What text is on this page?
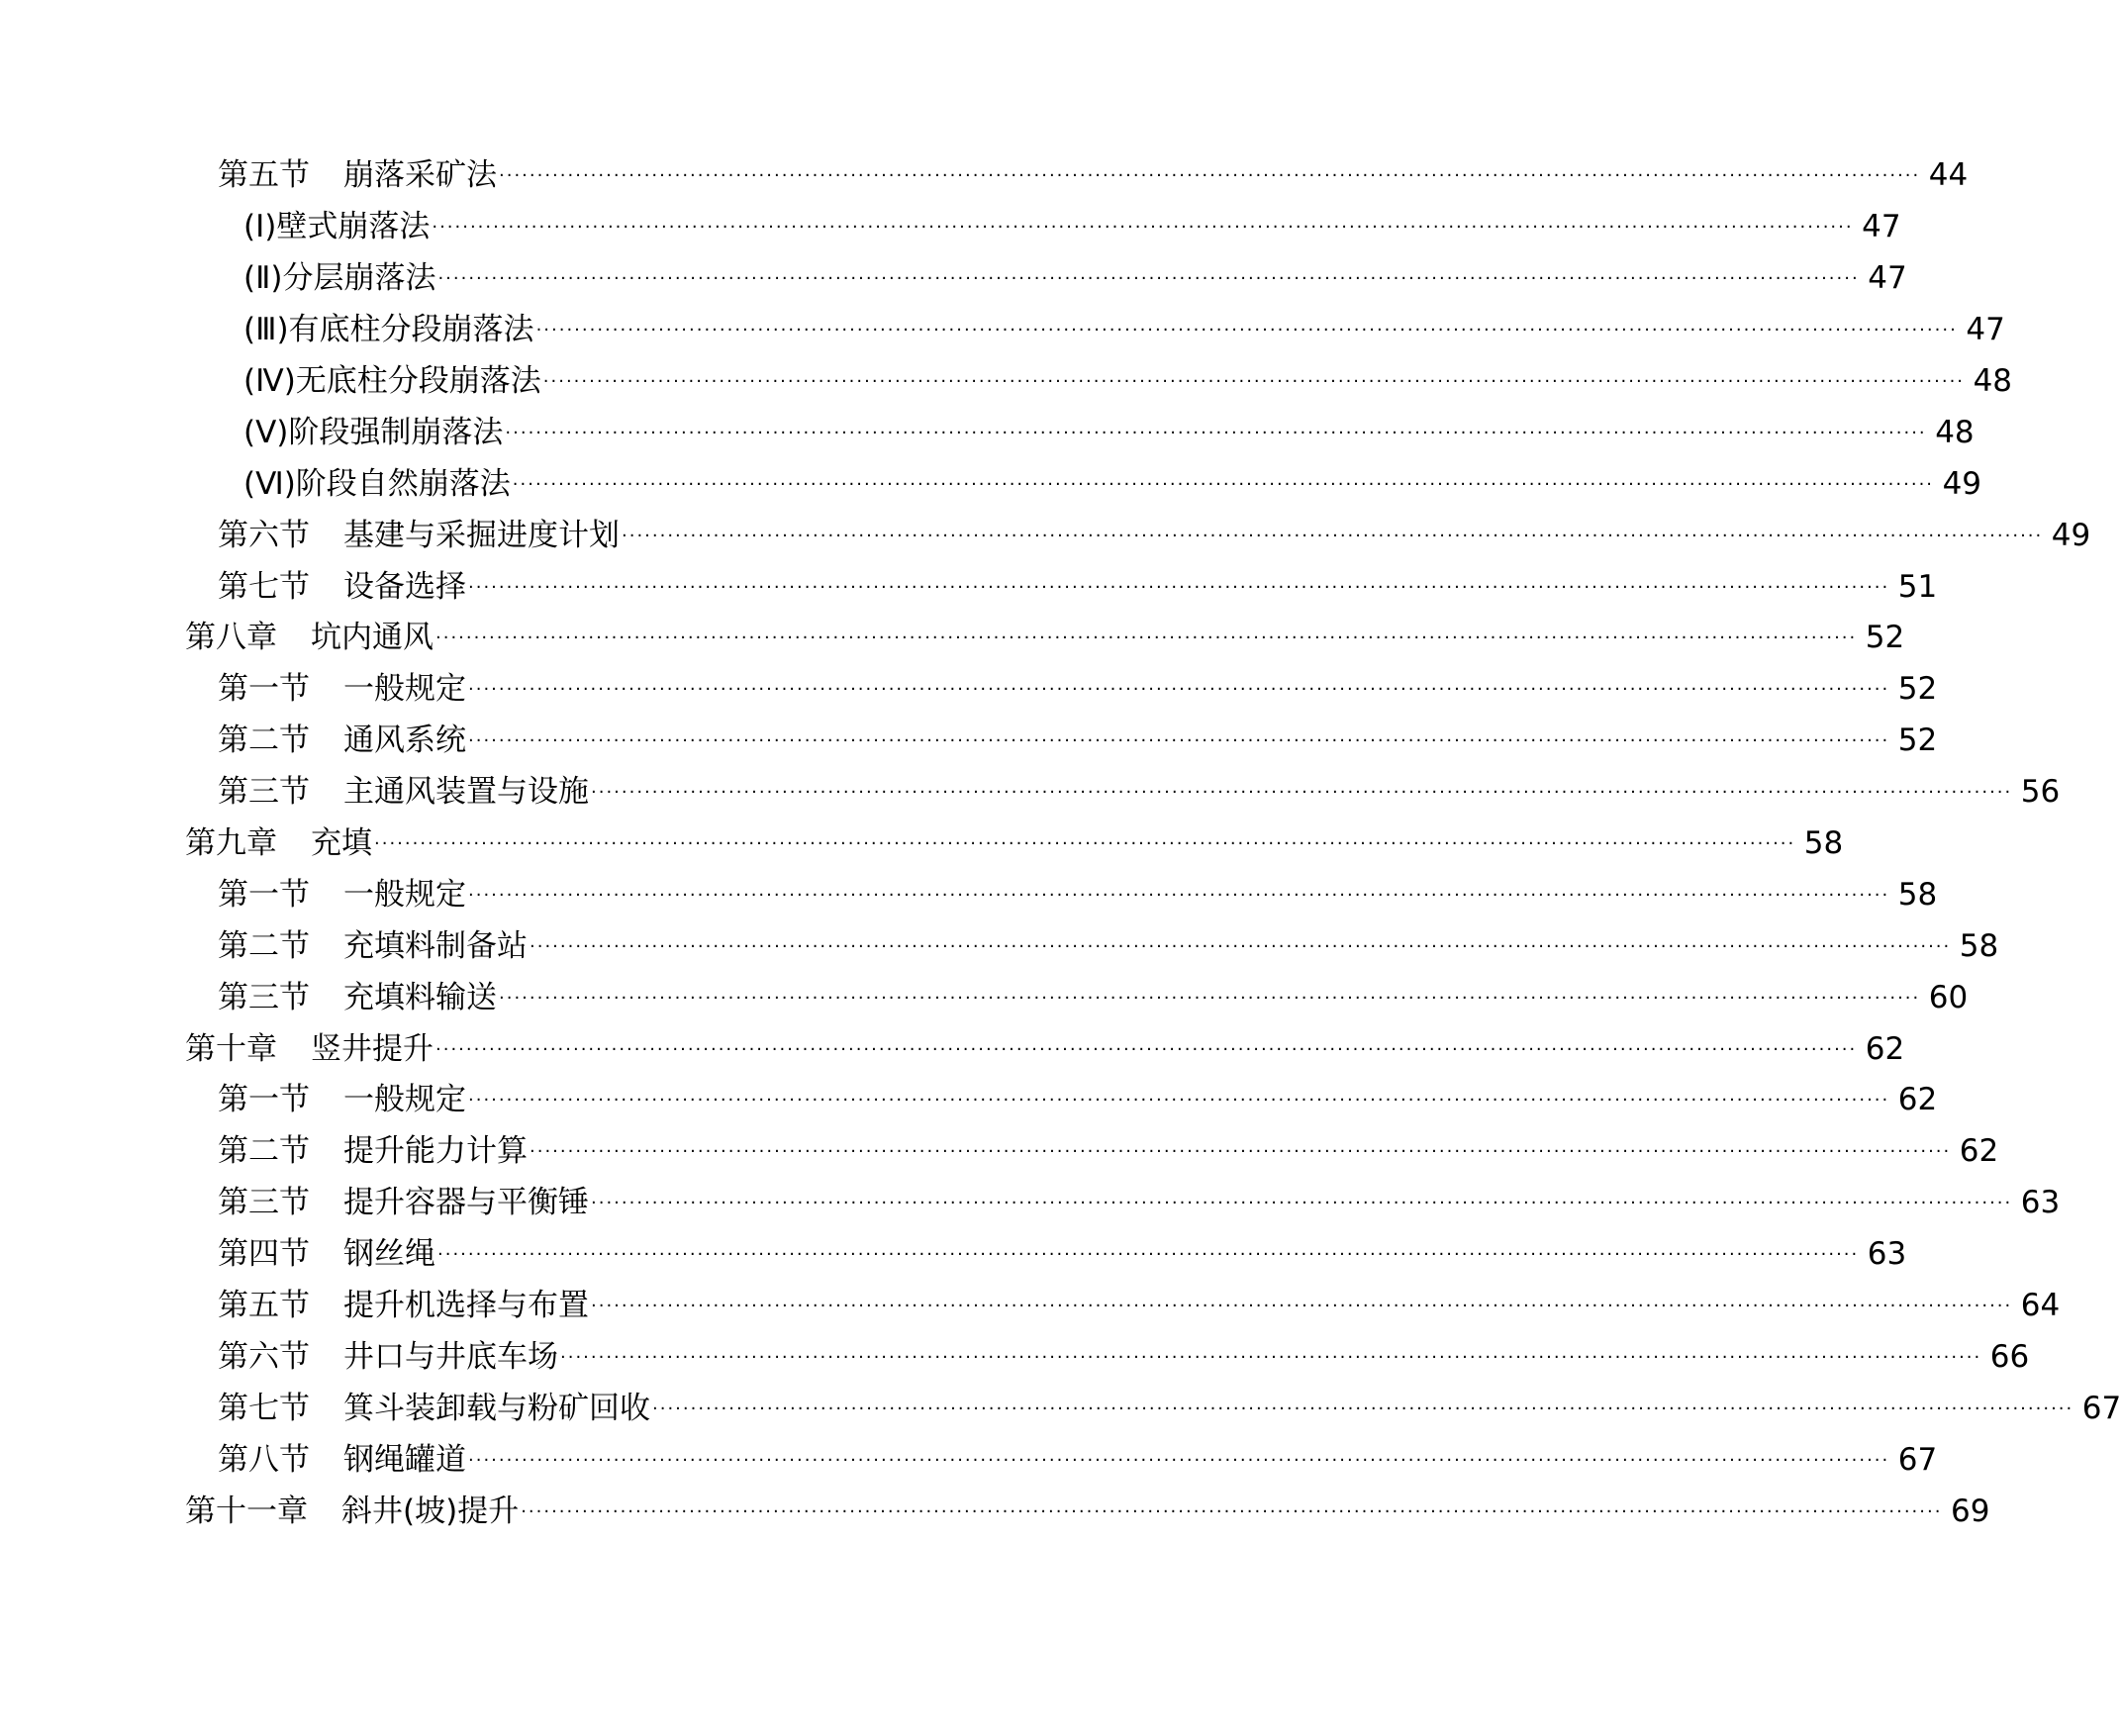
第五节 崩落采矿法 ·····	44
(Ⅰ)壁式崩落法 ·····	47
(Ⅱ)分层崩落法 ·····	47
(Ⅲ)有底柱分段崩落法 ·····	47
(Ⅳ)无底柱分段崩落法 ·····	48
(Ⅴ)阶段强制崩落法 ·····	48
(Ⅵ)阶段自然崩落法 ·····	49
第六节 基建与采掘进度计划 ·····	49
第七节 设备选择 ·····	51
第八章 坑内通风 ·····	52
第一节 一般规定 ·····	52
第二节 通风系统 ·····	52
第三节 主通风装置与设施 ·····	56
第九章 充填 ·····	58
第一节 一般规定 ·····	58
第二节 充填料制备站 ·····	58
第三节 充填料输送 ·····	60
第十章 竖井提升 ·····	62
第一节 一般规定 ·····	62
第二节 提升能力计算 ·····	62
第三节 提升容器与平衡锤 ·····	63
第四节 钢丝绳 ·····	63
第五节 提升机选择与布置 ·····	64
第六节 井口与井底车场 ·····	66
第七节 箕斗装卸载与粉矿回收 ·····	67
第八节 钢绳罐道 ·····	67
第十一章 斜井(坡)提升 ·····	69
